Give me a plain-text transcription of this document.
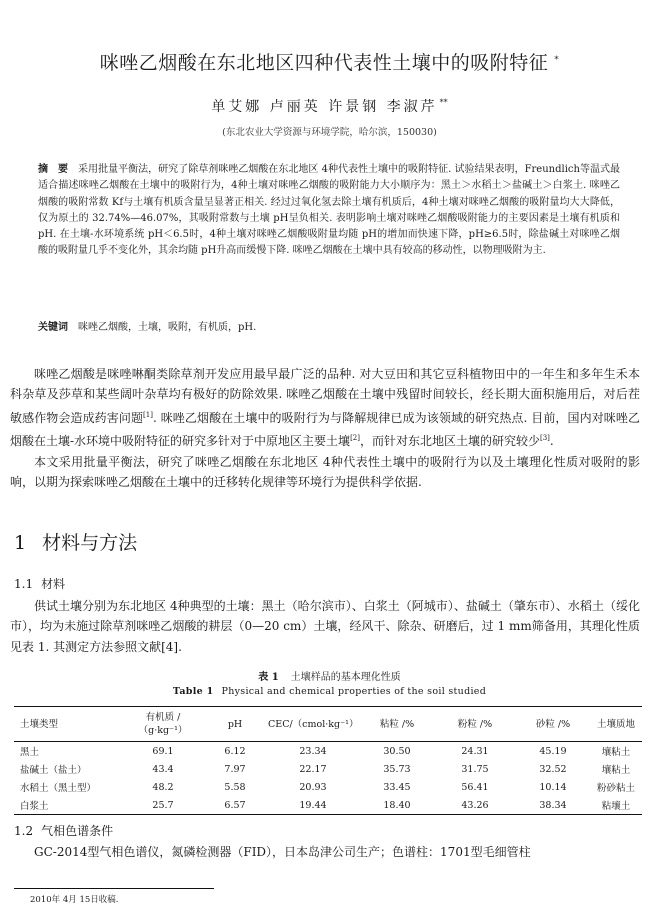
咪唑乙烟酸在东北地区四种代表性土壤中的吸附特征 *
单艾娜 卢丽英 许景钢 李淑芹 **
(东北农业大学资源与环境学院，哈尔滨，150030)
摘　要 采用批量平衡法，研究了除草剂咪唑乙烟酸在东北地区 4种代表性土壤中的吸附特征. 试验结果表明，Freundlich等温式最适合描述咪唑乙烟酸在土壤中的吸附行为，4种土壤对咪唑乙烟酸的吸附能力大小顺序为：黑土＞水稻土＞盐碱土＞白浆土. 咪唑乙烟酸的吸附常数 Kf与土壤有机质含量呈显著正相关. 经过过氧化氢去除土壤有机质后，4种土壤对咪唑乙烟酸的吸附量均大大降低，仅为原土的 32.74%—46.07%，其吸附常数与土壤 pH呈负相关. 表明影响土壤对咪唑乙烟酸吸附能力的主要因素是土壤有机质和 pH. 在土壤-水环境系统 pH＜6.5时，4种土壤对咪唑乙烟酸吸附量均随 pH的增加而快速下降，pH≥6.5时，除盐碱土对咪唑乙烟酸的吸附量几乎不变化外，其余均随 pH升高而缓慢下降. 咪唑乙烟酸在土壤中具有较高的移动性，以物理吸附为主.
关键词 咪唑乙烟酸，土壤，吸附，有机质，pH.

咪唑乙烟酸是咪唑啉酮类除草剂开发应用最早最广泛的品种. 对大豆田和其它豆科植物田中的一年生和多年生禾本科杂草及莎草和某些阔叶杂草均有极好的防除效果. 咪唑乙烟酸在土壤中残留时间较长，经长期大面积施用后，对后茬敏感作物会造成药害问题[1]. 咪唑乙烟酸在土壤中的吸附行为与降解规律已成为该领域的研究热点. 目前，国内对咪唑乙烟酸在土壤-水环境中吸附特征的研究多针对于中原地区主要土壤[2]，而针对东北地区土壤的研究较少[3].

本文采用批量平衡法，研究了咪唑乙烟酸在东北地区 4种代表性土壤中的吸附行为以及土壤理化性质对吸附的影响，以期为探索咪唑乙烟酸在土壤中的迁移转化规律等环境行为提供科学依据.

1 材料与方法
1.1 材料

供试土壤分别为东北地区 4种典型的土壤：黑土（哈尔滨市）、白浆土（阿城市）、盐碱土（肇东市）、水稻土（绥化市），均为未施过除草剂咪唑乙烟酸的耕层（0—20 cm）土壤，经风干、除杂、研磨后，过 1 mm筛备用，其理化性质见表 1. 其测定方法参照文献[4].

表 1 土壤样品的基本理化性质
Table 1 Physical and chemical properties of the soil studied
土壤类型	有机质 /（g·kg⁻¹）	pH	CEC/（cmol·kg⁻¹）	粘粒 /%	粉粒 /%	砂粒 /%	土壤质地
黑土	69.1	6.12	23.34	30.50	24.31	45.19	壤粘土
盐碱土（盐土）	43.4	7.97	22.17	35.73	31.75	32.52	壤粘土
水稻土（黑土型）	48.2	5.58	20.93	33.45	56.41	10.14	粉砂粘土
白浆土	25.7	6.57	19.44	18.40	43.26	38.34	粘壤土
1.2 气相色谱条件

GC-2014型气相色谱仪，氮磷检测器（FID），日本岛津公司生产；色谱柱：1701型毛细管柱

2010年 4月 15日收稿.
